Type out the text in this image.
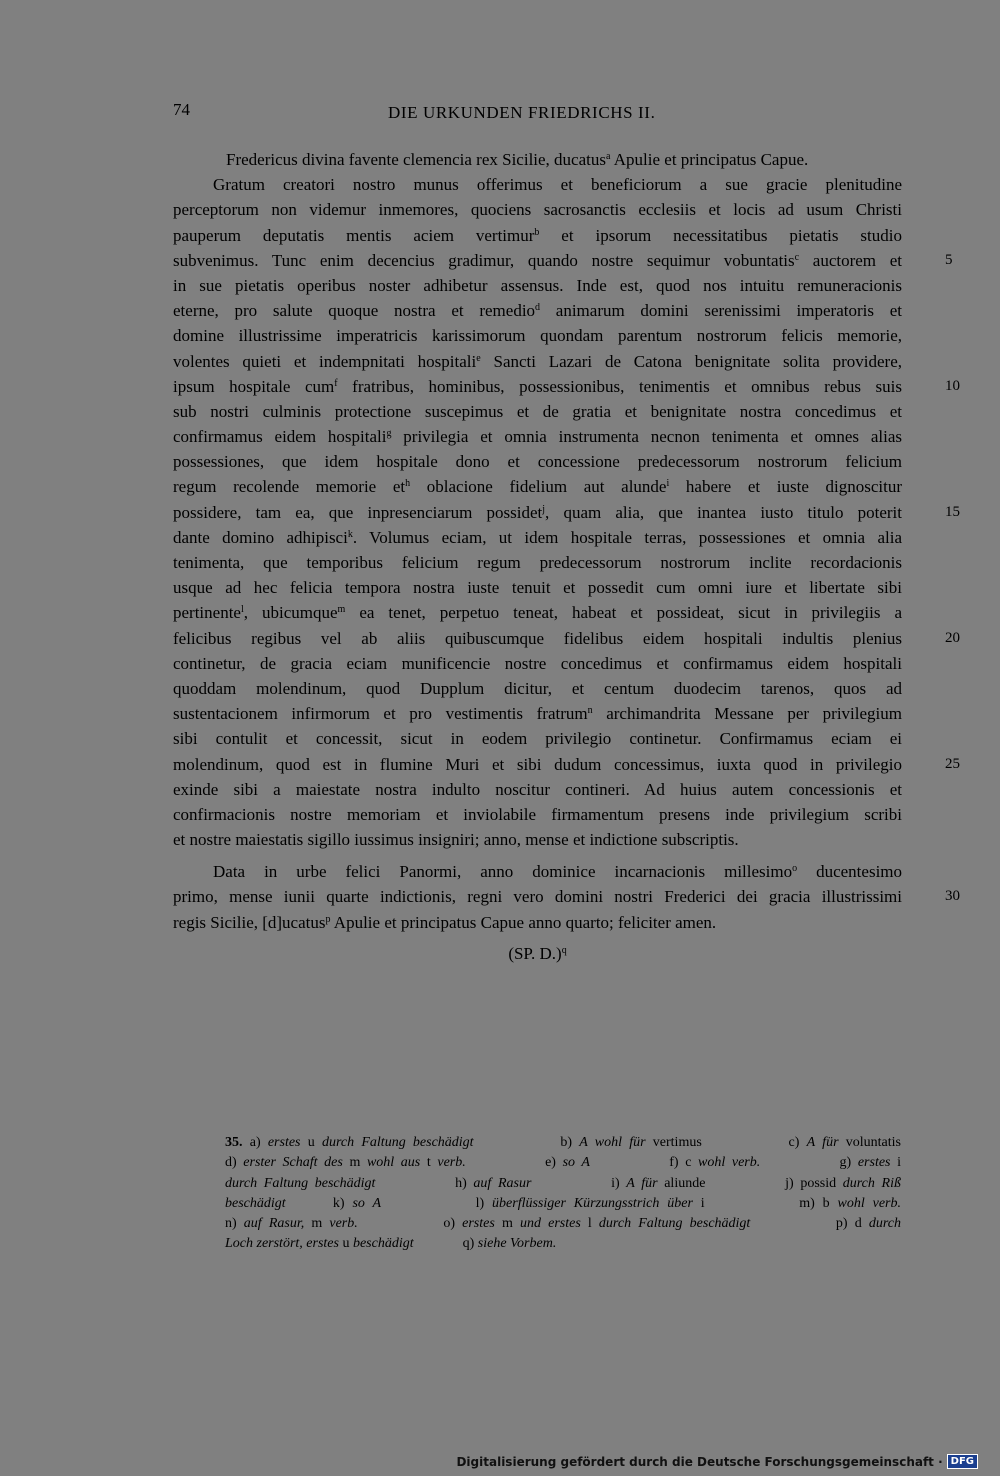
74	DIE URKUNDEN FRIEDRICHS II.
Fredericus divina favente clemencia rex Sicilie, ducatus$^a$ Apulie et principatus Capue.
Gratum creatori nostro munus offerimus et beneficiorum a sue gracie plenitudine
perceptorum non videmur inmemores, quociens sacrosanctis ecclesiis et locis ad usum Christi
pauperum deputatis mentis aciem vertimur$^b$ et ipsorum necessitatibus pietatis studio
subvenimus. Tunc enim decencius gradimur, quando nostre sequimur vobuntatis$^c$ auctorem et	5
in sue pietatis operibus noster adhibetur assensus. Inde est, quod nos intuitu remuneracionis
eterne, pro salute quoque nostra et remedio$^d$ animarum domini serenissimi imperatoris et
domine illustrissime imperatricis karissimorum quondam parentum nostrorum felicis memorie,
volentes quieti et indempnitati hospitali$^e$ Sancti Lazari de Catona benignitate solita providere,
ipsum hospitale cum$^f$ fratribus, hominibus, possessionibus, tenimentis et omnibus rebus suis	10
sub nostri culminis protectione suscepimus et de gratia et benignitate nostra concedimus et
confirmamus eidem hospitali$^g$ privilegia et omnia instrumenta necnon tenimenta et omnes alias
possessiones, que idem hospitale dono et concessione predecessorum nostrorum felicium
regum recolende memorie $et^h$ oblacione fidelium aut alunde$^i$ habere et iuste dignoscitur
possidere, tam ea, que inpresenciarum possidet$^j$, quam alia, que inantea iusto titulo poterit	15
dante domino adhipisci$^k$. Volumus eciam, ut idem hospitale terras, possessiones et omnia alia
tenimenta, que temporibus felicium regum predecessorum nostrorum inclite recordacionis
usque ad hec felicia tempora nostra iuste tenuit et possedit cum omni iure et libertate sibi
pertinente$^l$, ubicumque$^m$ ea tenet, perpetuo teneat, habeat et possideat, sicut in privilegiis a
felicibus regibus vel ab aliis quibuscumque fidelibus eidem hospitali indultis plenius	20
continetur, de gracia eciam munificencie nostre concedimus et confirmamus eidem hospitali
quoddam molendinum, quod Dupplum dicitur, et centum duodecim tarenos, quos ad
sustentacionem infirmorum et pro vestimentis fratrum$^n$ archimandrita Messane per privilegium
sibi contulit et concessit, sicut in eodem privilegio continetur. Confirmamus eciam ei
molendinum, quod est in flumine Muri et sibi dudum concessimus, iuxta quod in privilegio	25
exinde sibi a maiestate nostra indulto noscitur contineri. Ad huius autem concessionis et
confirmacionis nostre memoriam et inviolabile firmamentum presens inde privilegium scribi
et nostre maiestatis sigillo iussimus insigniri; anno, mense et indictione subscriptis.
Data in urbe felici Panormi, anno dominice incarnacionis millesimo$^o$ ducentesimo
primo, mense iunii quarte indictionis, regni vero domini nostri Frederici dei gracia illustrissimi	30
regis Sicilie, [d]ucatus$^p$ Apulie et principatus Capue anno quarto; feliciter amen.
(SP. D.)$^q$
35. a) erstes u durch Faltung beschädigt            b) A wohl für vertimus            c) A für voluntatis
d) erster Schaft des m wohl aus t verb.            e) so A            f) c wohl verb.            g) erstes i
durch Faltung beschädigt            h) auf Rasur            i) A für aliunde            j) possid durch Riß
beschädigt      k) so A            l) überflüssiger Kürzungsstrich über i            m) b wohl verb.
n) auf Rasur, m verb.            o) erstes m und erstes l durch Faltung beschädigt            p) d durch
Loch zerstört, erstes u beschädigt              q) siehe Vorbem.
Digitalisierung gefördert durch die Deutsche Forschungsgemeinschaft · DFG
